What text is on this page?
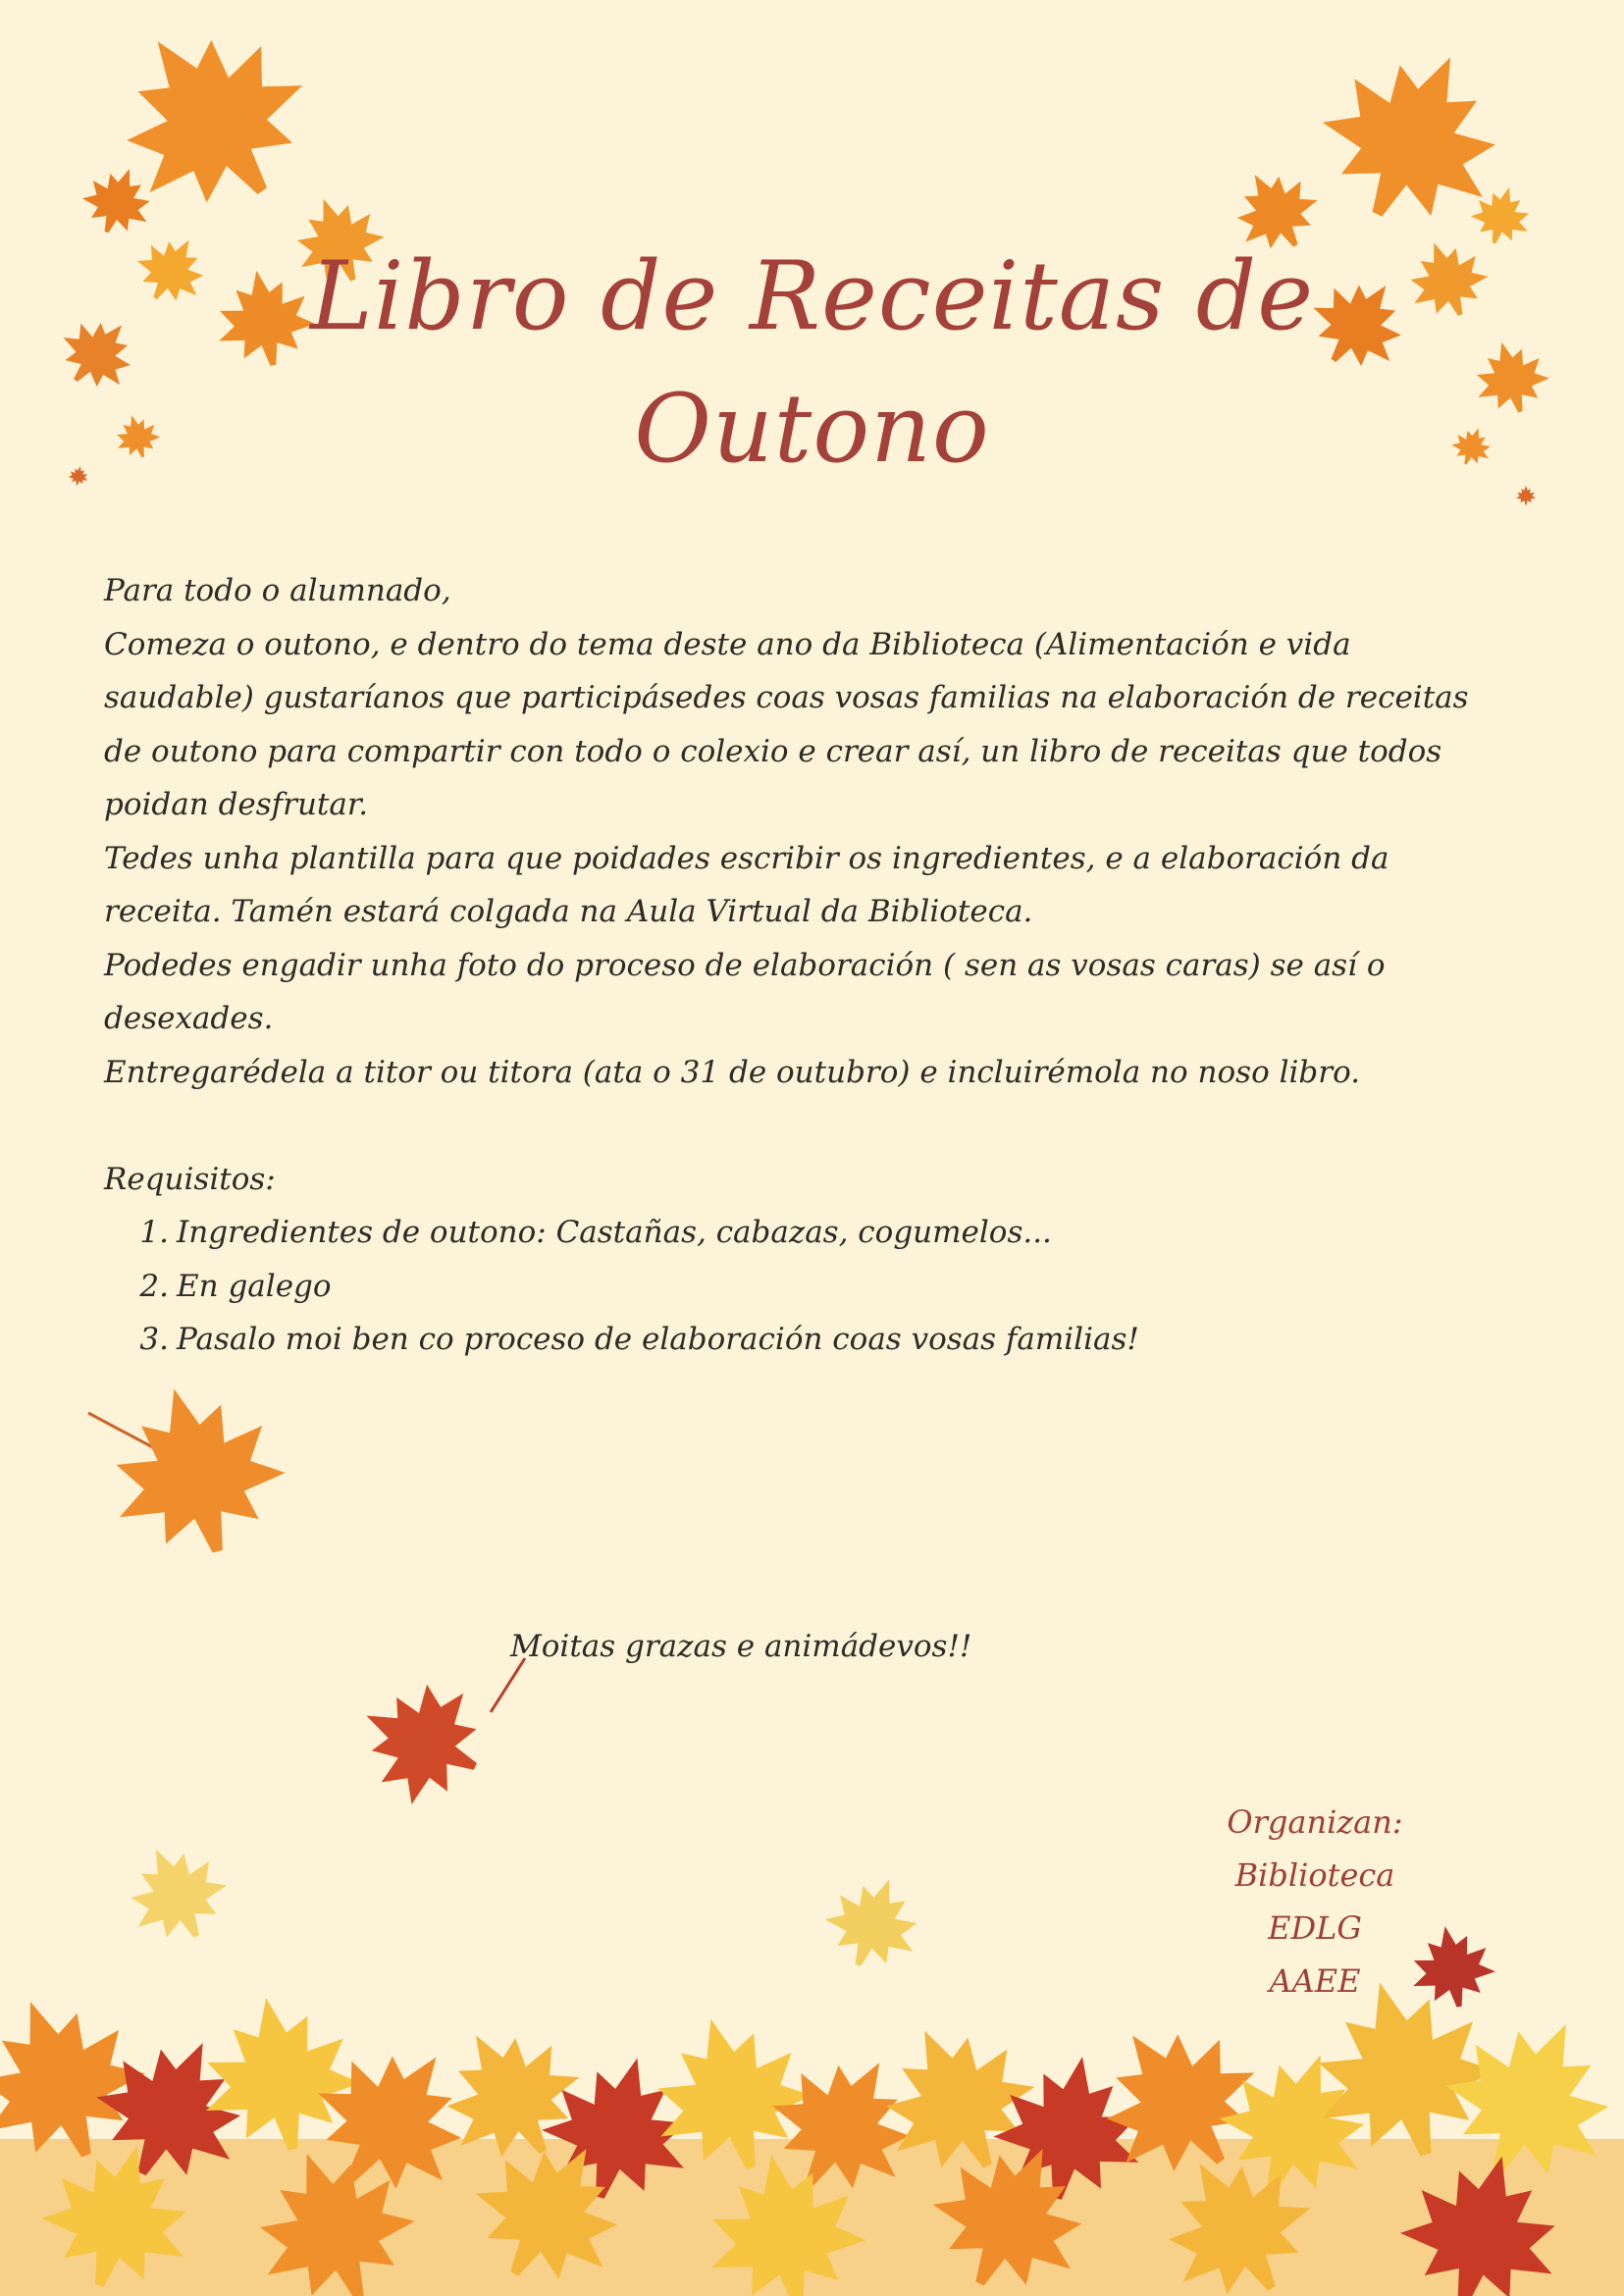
Libro de Receitas de
Outono

Para todo o alumnado,

Comeza o outono, e dentro do tema deste ano da Biblioteca (Alimentación e vida saudable) gustaríanos que participásedes coas vosas familias na elaboración de receitas de outono para compartir con todo o colexio e crear así, un libro de receitas que todos poidan desfrutar.

Tedes unha plantilla para que poidades escribir os ingredientes, e a elaboración da receita. Tamén estará colgada na Aula Virtual da Biblioteca.

Podedes engadir unha foto do proceso de elaboración ( sen as vosas caras) se así o desexades.

Entregarédela a titor ou titora (ata o 31 de outubro) e incluirémola no noso libro.

Requisitos:

1. Ingredientes de outono: Castañas, cabazas, cogumelos...
2. En galego
3. Pasalo moi ben co proceso de elaboración coas vosas familias!
Moitas grazas e animádevos!!
Organizan:
Biblioteca
EDLG
AAEE
